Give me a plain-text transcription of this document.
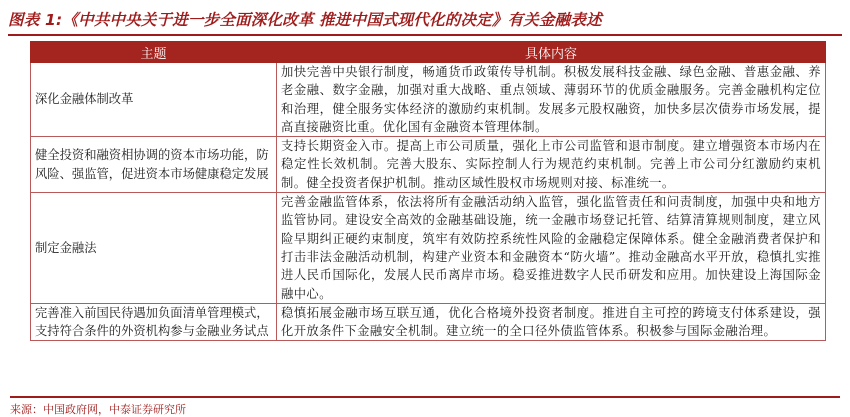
图表 1:《中共中央关于进一步全面深化改革 推进中国式现代化的决定》有关金融表述
主题	具体内容
深化金融体制改革	加快完善中央银行制度，畅通货币政策传导机制。积极发展科技金融、绿色金融、普惠金融、养老金融、数字金融，加强对重大战略、重点领域、薄弱环节的优质金融服务。完善金融机构定位和治理，健全服务实体经济的激励约束机制。发展多元股权融资，加快多层次债券市场发展，提高直接融资比重。优化国有金融资本管理体制。
健全投资和融资相协调的资本市场功能，防风险、强监管，促进资本市场健康稳定发展	支持长期资金入市。提高上市公司质量，强化上市公司监管和退市制度。建立增强资本市场内在稳定性长效机制。完善大股东、实际控制人行为规范约束机制。完善上市公司分红激励约束机制。健全投资者保护机制。推动区域性股权市场规则对接、标准统一。
制定金融法	完善金融监管体系，依法将所有金融活动纳入监管，强化监管责任和问责制度，加强中央和地方监管协同。建设安全高效的金融基础设施，统一金融市场登记托管、结算清算规则制度，建立风险早期纠正硬约束制度，筑牢有效防控系统性风险的金融稳定保障体系。健全金融消费者保护和打击非法金融活动机制，构建产业资本和金融资本“防火墙”。推动金融高水平开放，稳慎扎实推进人民币国际化，发展人民币离岸市场。稳妥推进数字人民币研发和应用。加快建设上海国际金融中心。
完善准入前国民待遇加负面清单管理模式，支持符合条件的外资机构参与金融业务试点	稳慎拓展金融市场互联互通，优化合格境外投资者制度。推进自主可控的跨境支付体系建设，强化开放条件下金融安全机制。建立统一的全口径外债监管体系。积极参与国际金融治理。
来源：中国政府网，中泰证券研究所
